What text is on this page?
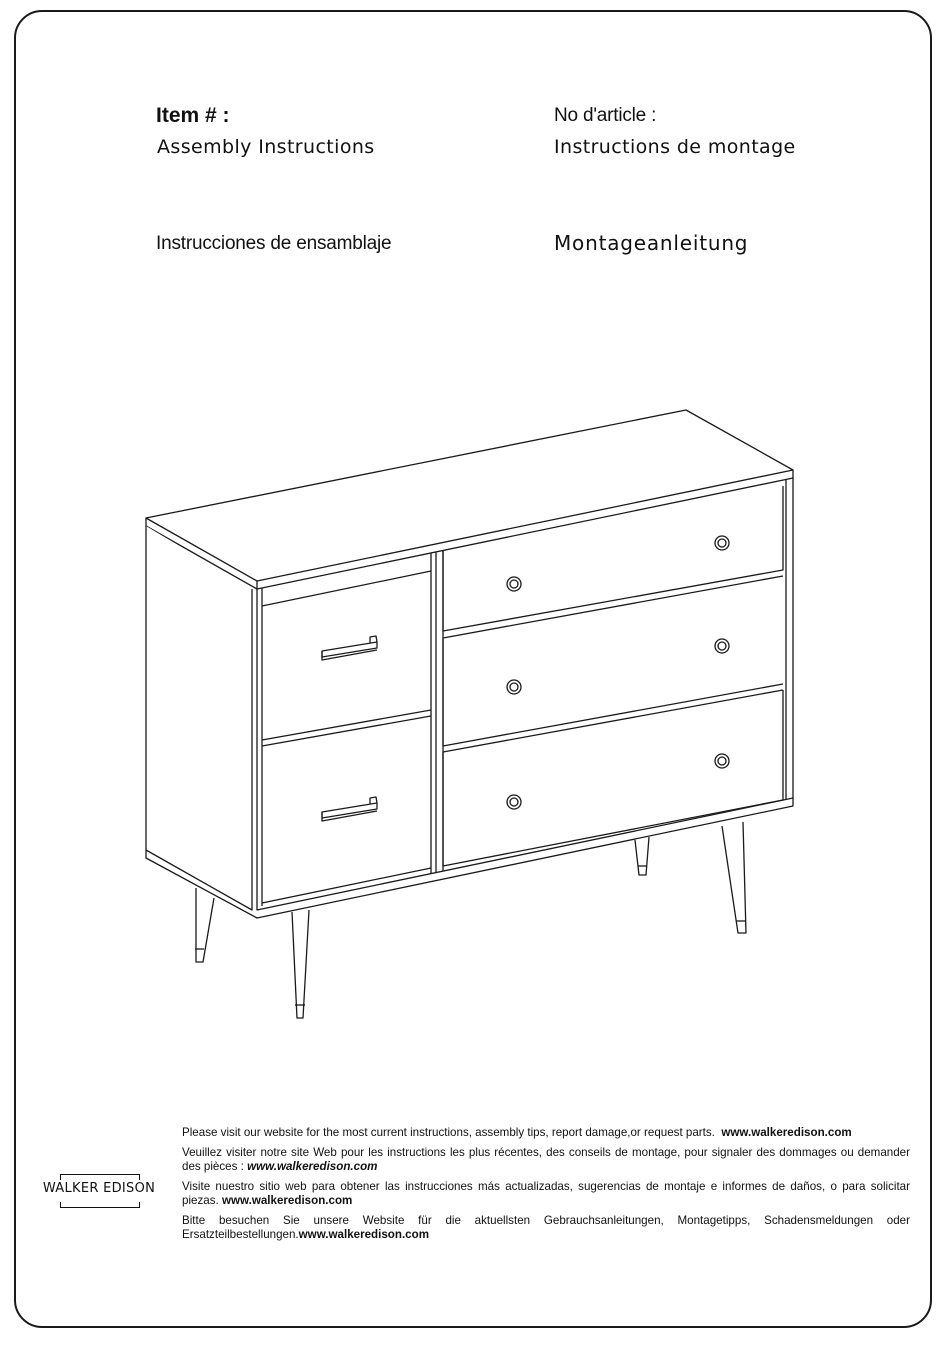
Item # :	No d'article :
Assembly Instructions	Instructions de montage
Instrucciones de ensamblaje	Montageanleitung
WALKER EDISON

Please visit our website for the most current instructions, assembly tips, report damage,or request parts. www.walkeredison.com

Veuillez visiter notre site Web pour les instructions les plus récentes, des conseils de montage, pour signaler des dommages ou demander des pièces : www.walkeredison.com

Visite nuestro sitio web para obtener las instrucciones más actualizadas, sugerencias de montaje e informes de daños, o para solicitar piezas. www.walkeredison.com

Bitte besuchen Sie unsere Website für die aktuellsten Gebrauchsanleitungen, Montagetipps, Schadensmeldungen oder Ersatzteilbestellungen.www.walkeredison.com
